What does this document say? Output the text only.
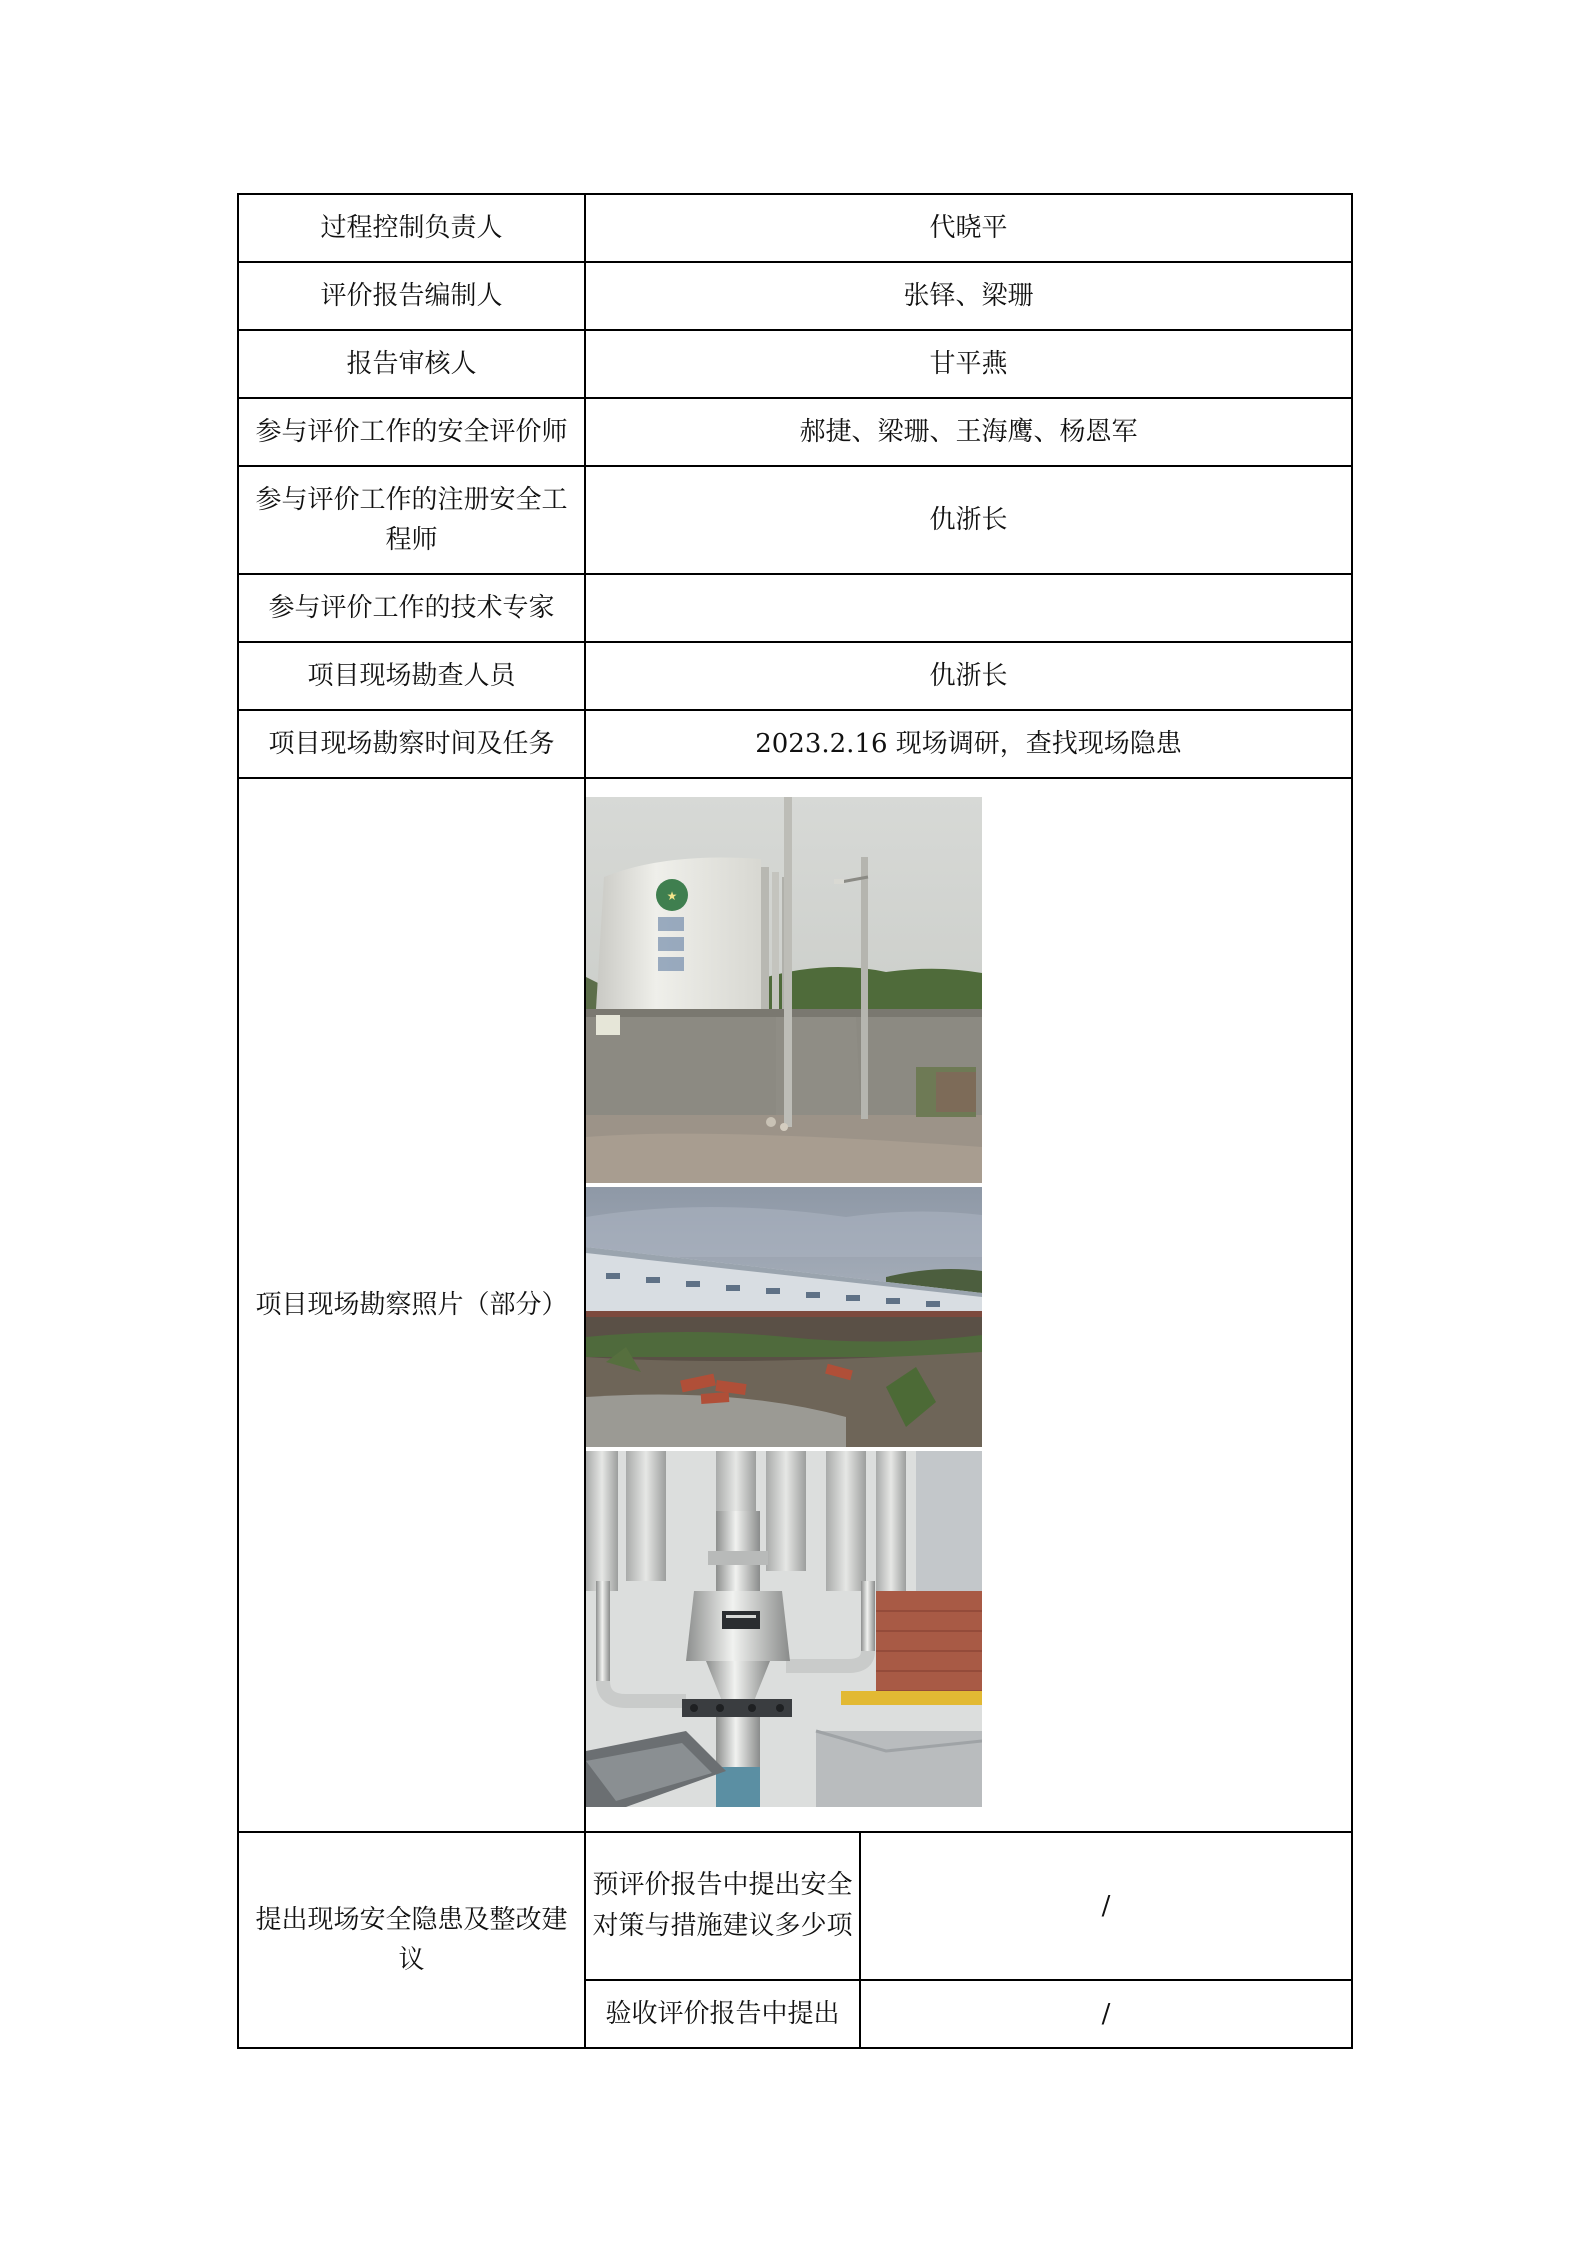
过程控制负责人	代晓平	
评价报告编制人	张铎、梁珊	
报告审核人	甘平燕	
参与评价工作的安全评价师	郝捷、梁珊、王海鹰、杨恩军	
参与评价工作的注册安全工程师	仇浙长	
参与评价工作的技术专家		
项目现场勘查人员	仇浙长	
项目现场勘察时间及任务	2023.2.16 现场调研，查找现场隐患	
项目现场勘察照片（部分）	★	

提出现场安全隐患及整改建议	预评价报告中提出安全对策与措施建议多少项	/
	验收评价报告中提出	/
